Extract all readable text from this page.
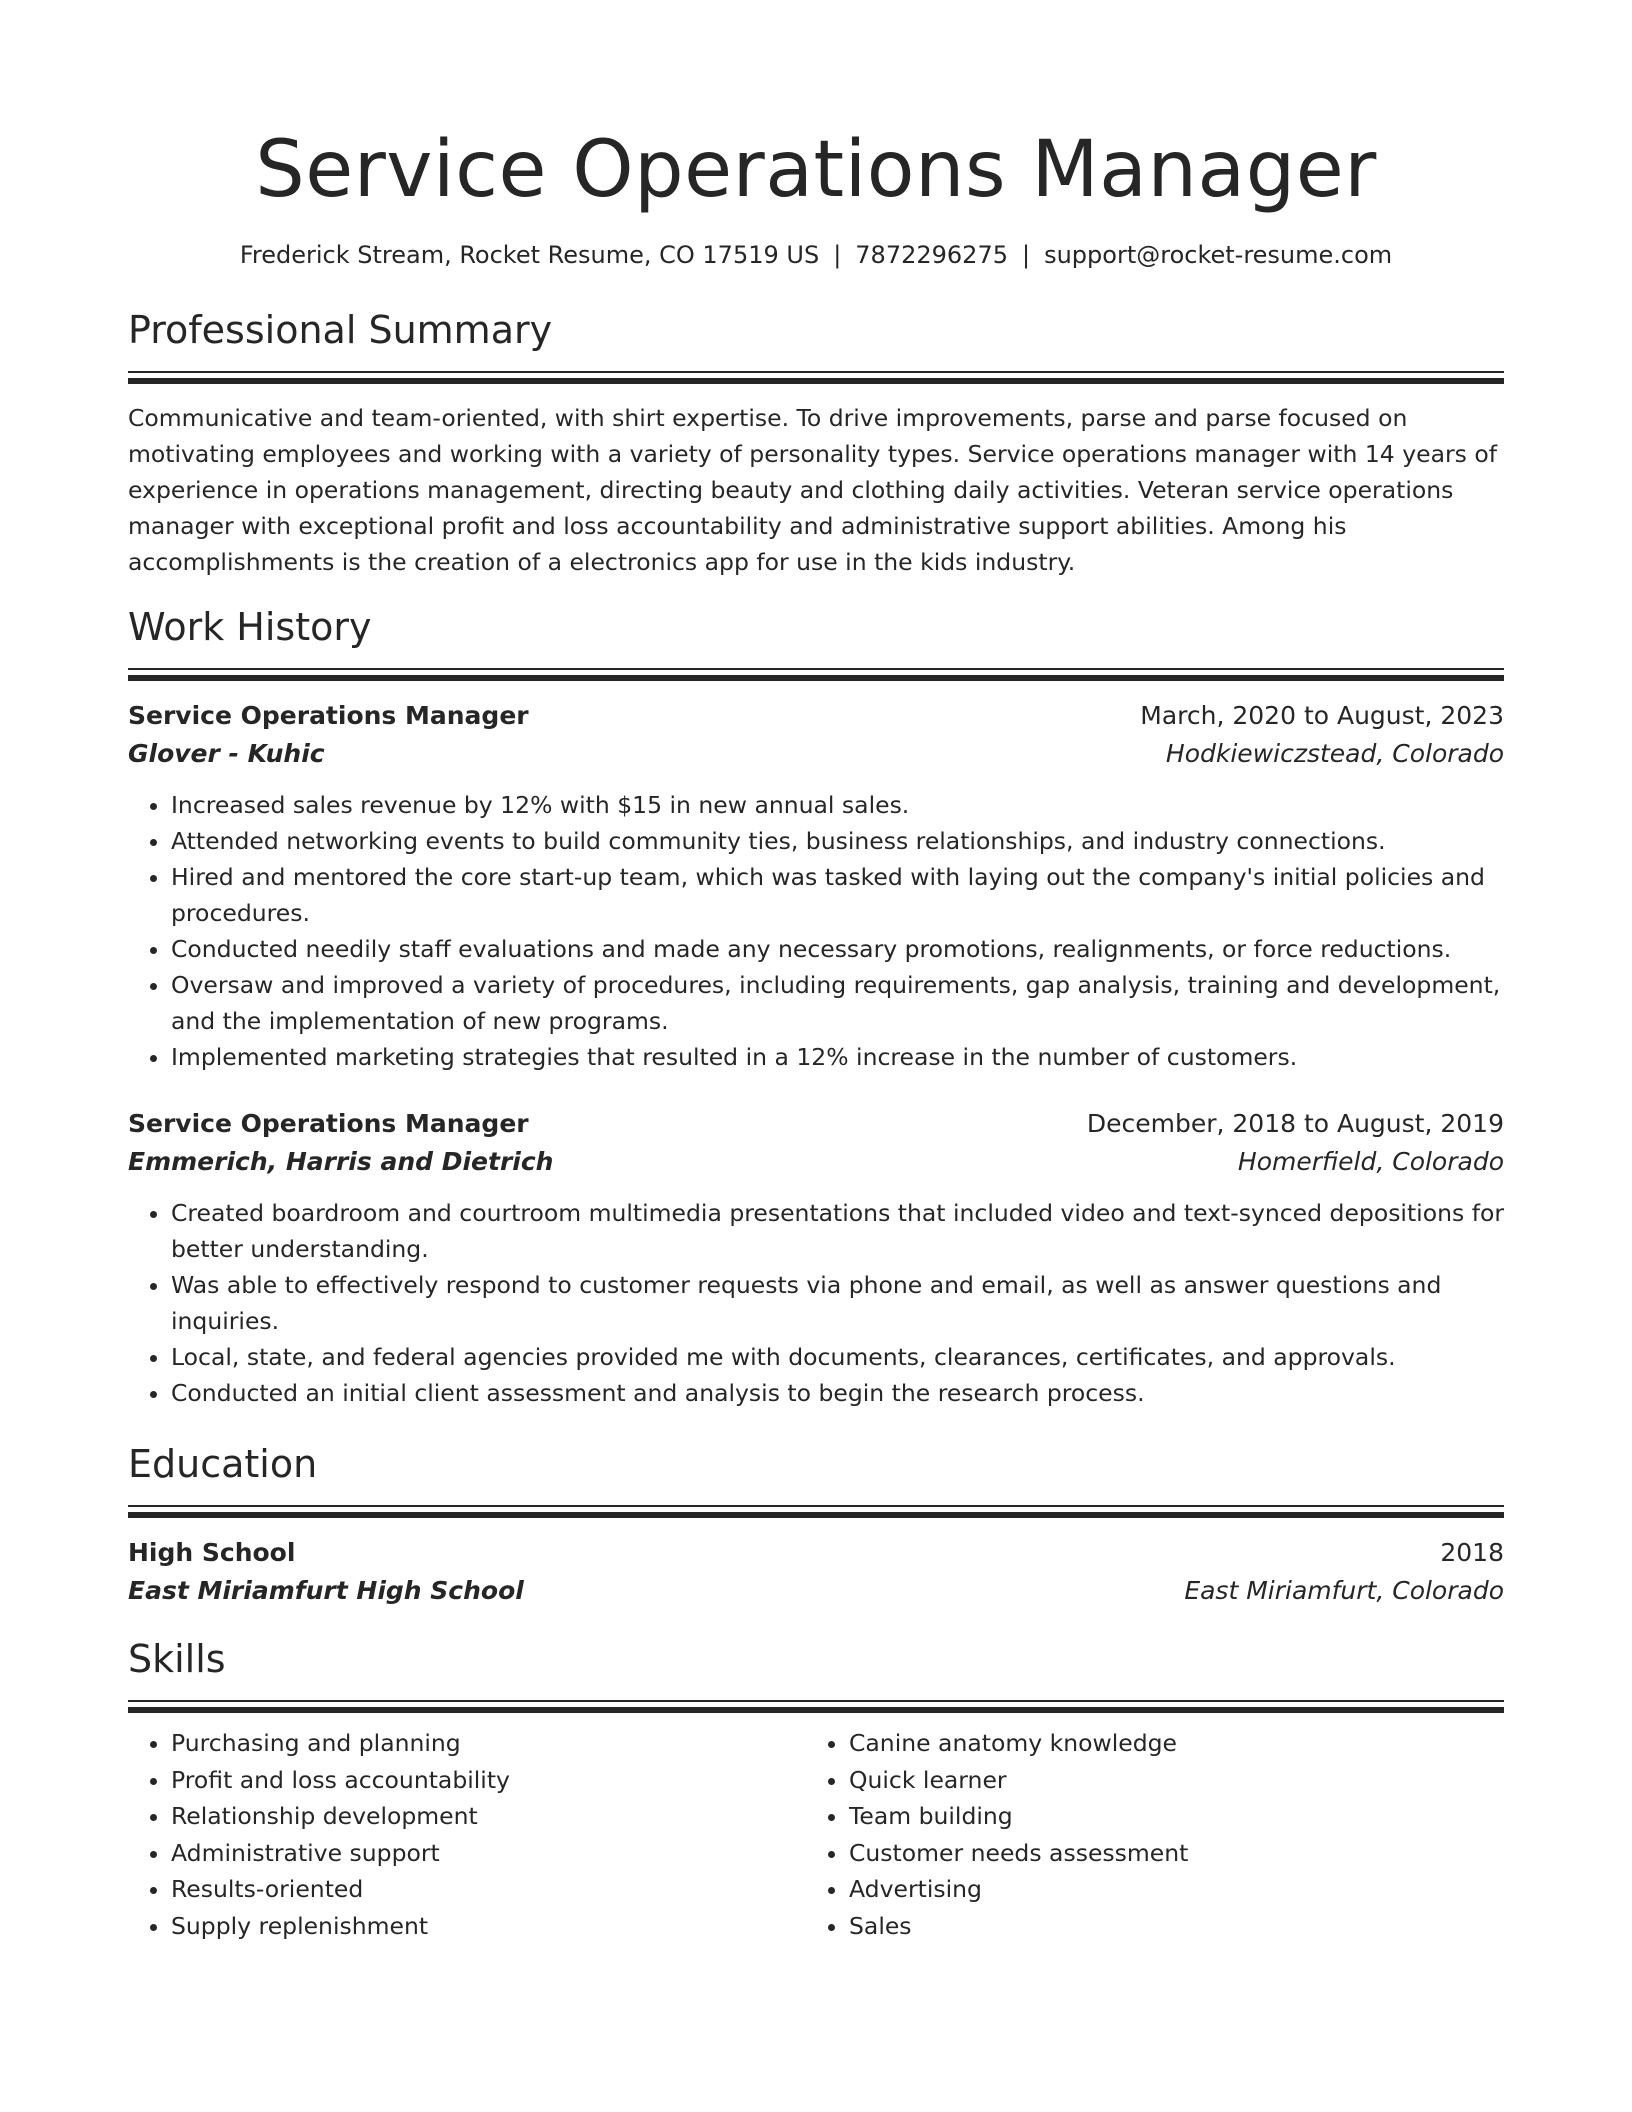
Service Operations Manager
Frederick Stream, Rocket Resume, CO 17519 US | 7872296275 | support@rocket-resume.com
Professional Summary

Communicative and team-oriented, with shirt expertise. To drive improvements, parse and parse focused on motivating employees and working with a variety of personality types. Service operations manager with 14 years of experience in operations management, directing beauty and clothing daily activities. Veteran service operations manager with exceptional profit and loss accountability and administrative support abilities. Among his accomplishments is the creation of a electronics app for use in the kids industry.

Work History
Service Operations Manager	March, 2020 to August, 2023
Glover - Kuhic	Hodkiewiczstead, Colorado
• Increased sales revenue by 12% with $15 in new annual sales.
• Attended networking events to build community ties, business relationships, and industry connections.
• Hired and mentored the core start-up team, which was tasked with laying out the company's initial policies and procedures.
• Conducted needily staff evaluations and made any necessary promotions, realignments, or force reductions.
• Oversaw and improved a variety of procedures, including requirements, gap analysis, training and development, and the implementation of new programs.
• Implemented marketing strategies that resulted in a 12% increase in the number of customers.
Service Operations Manager	December, 2018 to August, 2019
Emmerich, Harris and Dietrich	Homerfield, Colorado
• Created boardroom and courtroom multimedia presentations that included video and text-synced depositions for better understanding.
• Was able to effectively respond to customer requests via phone and email, as well as answer questions and inquiries.
• Local, state, and federal agencies provided me with documents, clearances, certificates, and approvals.
• Conducted an initial client assessment and analysis to begin the research process.
Education
High School	2018
East Miriamfurt High School	East Miriamfurt, Colorado
Skills
• Purchasing and planning
• Profit and loss accountability
• Relationship development
• Administrative support
• Results-oriented
• Supply replenishment
• Canine anatomy knowledge
• Quick learner
• Team building
• Customer needs assessment
• Advertising
• Sales
